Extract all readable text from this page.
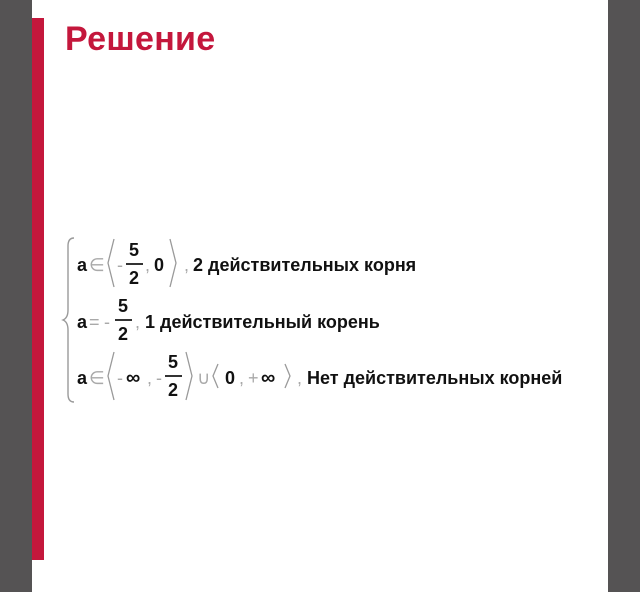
Решение
a ∈ -
5
2
, 0 , 2 действительных корня
a = -
5
2
, 1 действительный корень
a ∈ - ∞ , -
5
2
∪ 0 , + ∞ , Нет действительных корней
